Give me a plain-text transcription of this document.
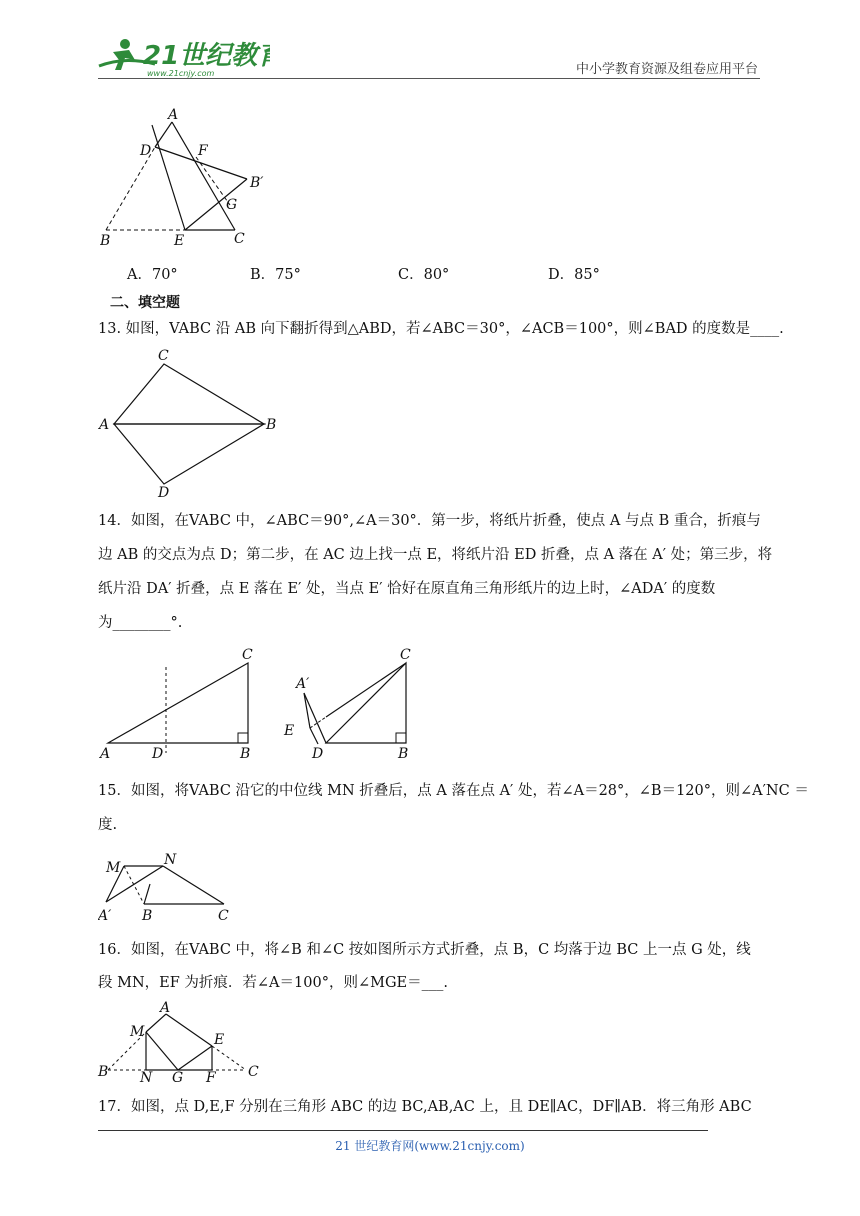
21世纪教育
www.21cnjy.com	中小学教育资源及组卷应用平台
A
D	F
B′
G
B	E	C
A．70°	B．75°	C．80°	D．85°
二、填空题
13. 如图，VABC 沿 AB 向下翻折得到△ABD，若∠ABC＝30°，∠ACB＝100°，则∠BAD 的度数是____.
C
A	B
D
14．如图，在VABC 中，∠ABC＝90°,∠A＝30°．第一步，将纸片折叠，使点 A 与点 B 重合，折痕与
边 AB 的交点为点 D；第二步，在 AC 边上找一点 E，将纸片沿 ED 折叠，点 A 落在 A′ 处；第三步，将
纸片沿 DA′ 折叠，点 E 落在 E′ 处，当点 E′ 恰好在原直角三角形纸片的边上时，∠ADA′ 的度数
为________°.
C
A	D	B
C
A′
E
D	B
15．如图，将VABC 沿它的中位线 MN 折叠后，点 A 落在点 A′ 处，若∠A＝28°，∠B＝120°，则∠A′NC ＝
度.
M	N
A′ B	C
16．如图，在VABC 中，将∠B 和∠C 按如图所示方式折叠，点 B，C 均落于边 BC 上一点 G 处，线
段 MN，EF 为折痕．若∠A＝100°，则∠MGE＝___.
A
M	E
B N G F C
17．如图，点 D,E,F 分别在三角形 ABC 的边 BC,AB,AC 上，且 DE∥AC，DF∥AB．将三角形 ABC
21 世纪教育网(www.21cnjy.com)
